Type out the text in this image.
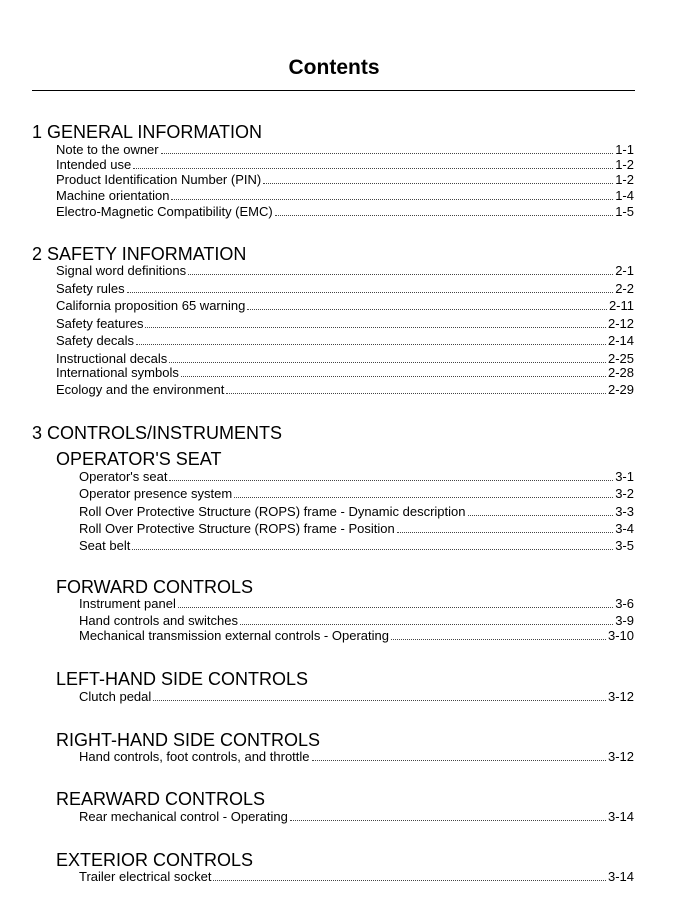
Contents
1 GENERAL INFORMATION
Note to the owner	1-1
Intended use	1-2
Product Identification Number (PIN)	1-2
Machine orientation	1-4
Electro-Magnetic Compatibility (EMC)	1-5
2 SAFETY INFORMATION
Signal word definitions	2-1
Safety rules	2-2
California proposition 65 warning	2-11
Safety features	2-12
Safety decals	2-14
Instructional decals	2-25
International symbols	2-28
Ecology and the environment	2-29
3 CONTROLS/INSTRUMENTS
OPERATOR'S SEAT
Operator's seat	3-1
Operator presence system	3-2
Roll Over Protective Structure (ROPS) frame - Dynamic description	3-3
Roll Over Protective Structure (ROPS) frame - Position	3-4
Seat belt	3-5
FORWARD CONTROLS
Instrument panel	3-6
Hand controls and switches	3-9
Mechanical transmission external controls - Operating	3-10
LEFT-HAND SIDE CONTROLS
Clutch pedal	3-12
RIGHT-HAND SIDE CONTROLS
Hand controls, foot controls, and throttle	3-12
REARWARD CONTROLS
Rear mechanical control - Operating	3-14
EXTERIOR CONTROLS
Trailer electrical socket	3-14
